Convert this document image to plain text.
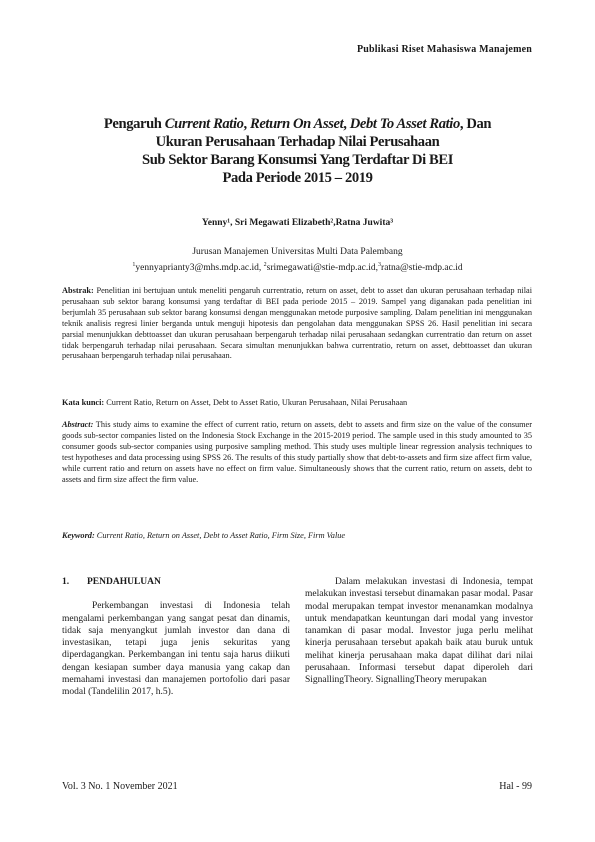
Publikasi Riset Mahasiswa Manajemen
Pengaruh Current Ratio, Return On Asset, Debt To Asset Ratio, Dan
Ukuran Perusahaan Terhadap Nilai Perusahaan
Sub Sektor Barang Konsumsi Yang Terdaftar Di BEI
Pada Periode 2015 – 2019
Yenny¹, Sri Megawati Elizabeth²,Ratna Juwita³
Jurusan Manajemen Universitas Multi Data Palembang
$^1$yennyaprianty3@mhs.mdp.ac.id, $^2$srimegawati@stie-mdp.ac.id,$^3$ratna@stie-mdp.ac.id
Abstrak: Penelitian ini bertujuan untuk meneliti pengaruh currentratio, return on asset, debt to asset dan ukuran perusahaan terhadap nilai perusahaan sub sektor barang konsumsi yang terdaftar di BEI pada periode 2015 – 2019. Sampel yang diganakan pada penelitian ini berjumlah 35 perusahaan sub sektor barang konsumsi dengan menggunakan metode purposive sampling. Dalam penelitian ini menggunakan teknik analisis regresi linier berganda untuk menguji hipotesis dan pengolahan data menggunakan SPSS 26. Hasil penelitian ini secara parsial menunjukkan debttoasset dan ukuran perusahaan berpengaruh terhadap nilai perusahaan sedangkan currentratio dan return on asset tidak berpengaruh terhadap nilai perusahaan. Secara simultan menunjukkan bahwa currentratio, return on asset, debttoasset dan ukuran perusahaan berpengaruh terhadap nilai perusahaan.
Kata kunci: Current Ratio, Return on Asset, Debt to Asset Ratio, Ukuran Perusahaan, Nilai Perusahaan
Abstract: This study aims to examine the effect of current ratio, return on assets, debt to assets and firm size on the value of the consumer goods sub-sector companies listed on the Indonesia Stock Exchange in the 2015-2019 period. The sample used in this study amounted to 35 consumer goods sub-sector companies using purposive sampling method. This study uses multiple linear regression analysis techniques to test hypotheses and data processing using SPSS 26. The results of this study partially show that debt-to-assets and firm size affect firm value, while current ratio and return on assets have no effect on firm value. Simultaneously shows that the current ratio, return on assets, debt to assets and firm size affect the firm value.
Keyword: Current Ratio, Return on Asset, Debt to Asset Ratio, Firm Size, Firm Value
1. PENDAHULUAN

Perkembangan investasi di Indonesia telah mengalami perkembangan yang sangat pesat dan dinamis, tidak saja menyangkut jumlah investor dan dana di investasikan, tetapi juga jenis sekuritas yang diperdagangkan. Perkembangan ini tentu saja harus diikuti dengan kesiapan sumber daya manusia yang cakap dan memahami investasi dan manajemen portofolio dari pasar modal (Tandelilin 2017, h.5).

Dalam melakukan investasi di Indonesia, tempat melakukan investasi tersebut dinamakan pasar modal. Pasar modal merupakan tempat investor menanamkan modalnya untuk mendapatkan keuntungan dari modal yang investor tanamkan di pasar modal. Investor juga perlu melihat kinerja perusahaan tersebut apakah baik atau buruk untuk melihat kinerja perusahaan maka dapat dilihat dari nilai perusahaan. Informasi tersebut dapat diperoleh dari SignallingTheory. SignallingTheory merupakan

Vol. 3 No. 1 November 2021	Hal - 99
